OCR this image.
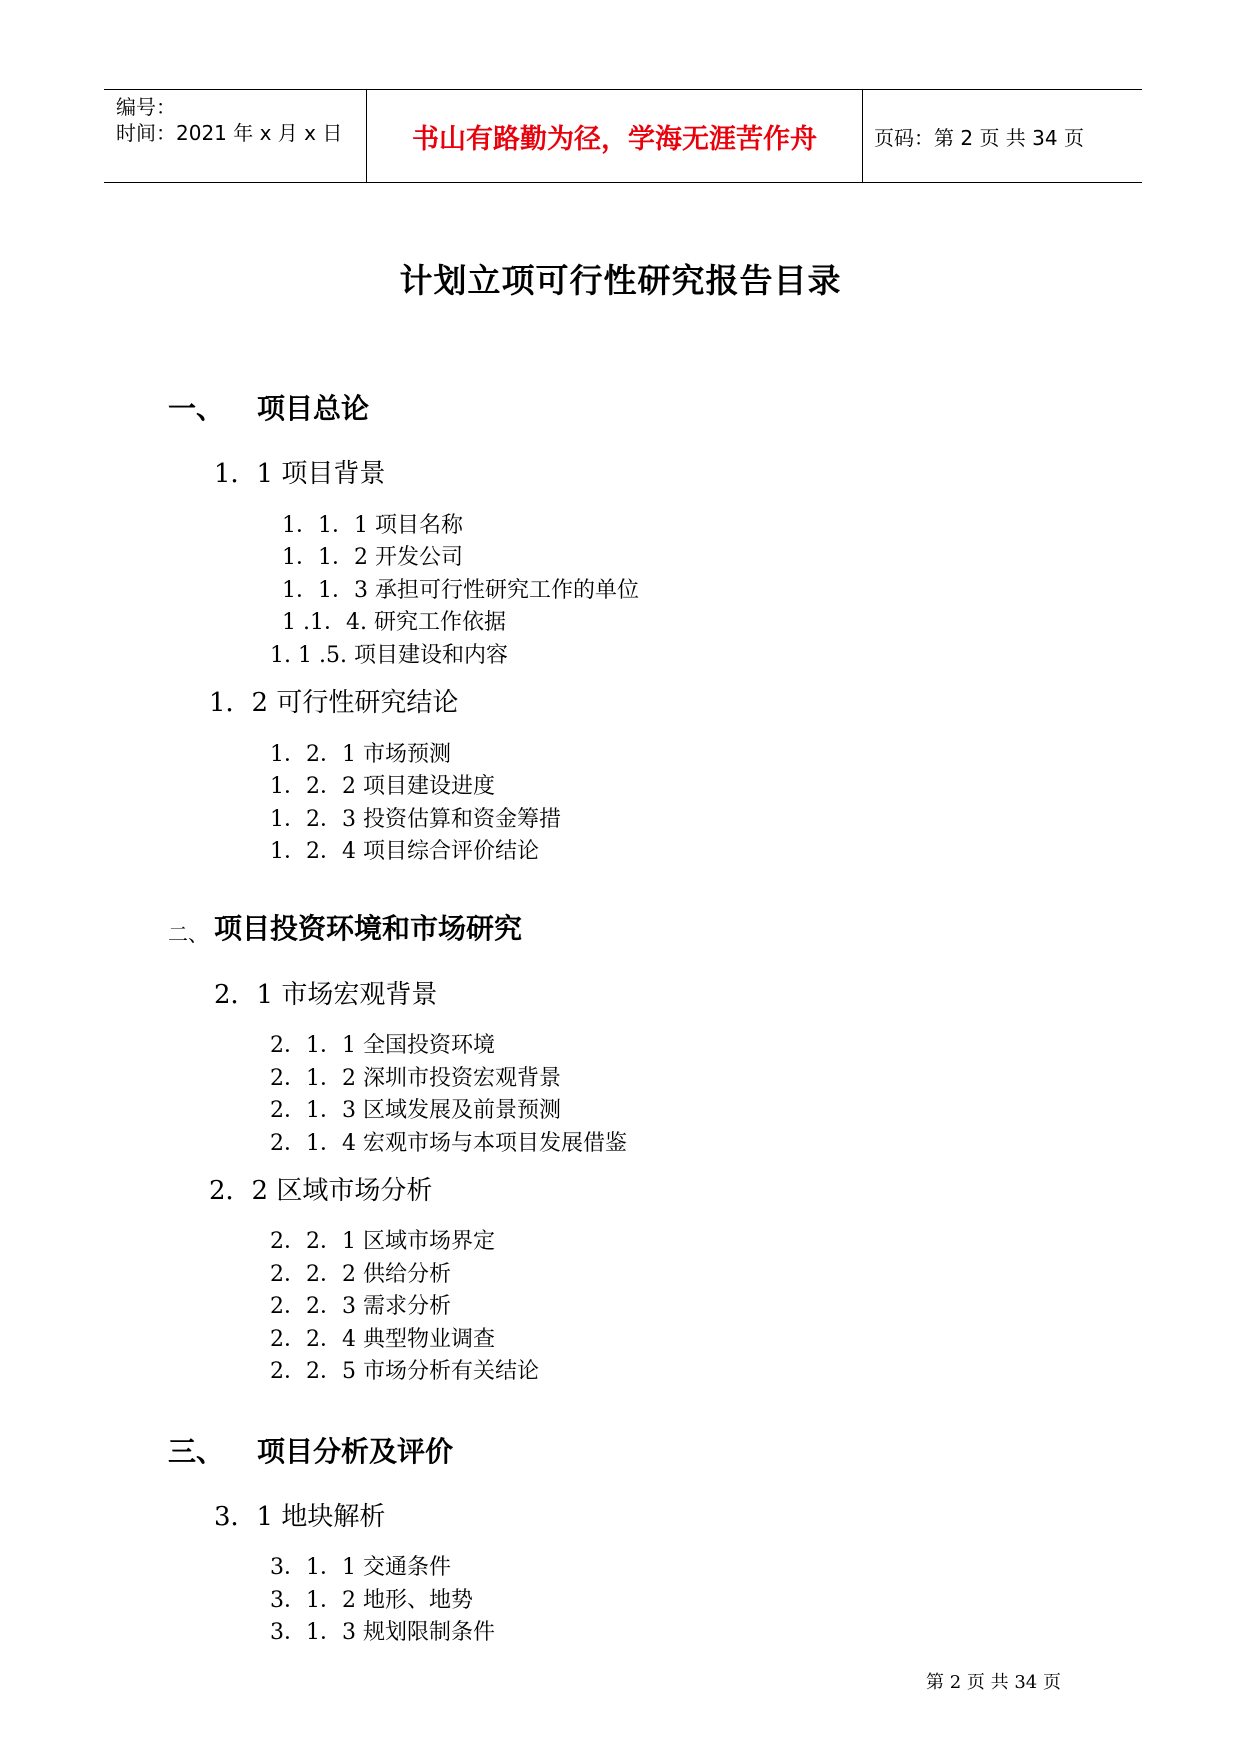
编号：
时间：2021 年 x 月 x 日	书山有路勤为径，学海无涯苦作舟	页码：第 2 页 共 34 页
计划立项可行性研究报告目录
一、 项目总论
1．1 项目背景
1．1．1 项目名称
1．1．2 开发公司
1．1．3 承担可行性研究工作的单位
1 .1．4. 研究工作依据
1. 1 .5. 项目建设和内容
1．2 可行性研究结论
1．2．1 市场预测
1．2．2 项目建设进度
1．2．3 投资估算和资金筹措
1．2．4 项目综合评价结论
二、 项目投资环境和市场研究
2．1 市场宏观背景
2．1．1 全国投资环境
2．1．2 深圳市投资宏观背景
2．1．3 区域发展及前景预测
2．1．4 宏观市场与本项目发展借鉴
2．2 区域市场分析
2．2．1 区域市场界定
2．2．2 供给分析
2．2．3 需求分析
2．2．4 典型物业调查
2．2．5 市场分析有关结论
三、 项目分析及评价
3．1 地块解析
3．1．1 交通条件
3．1．2 地形、地势
3．1．3 规划限制条件
第 2 页 共 34 页
